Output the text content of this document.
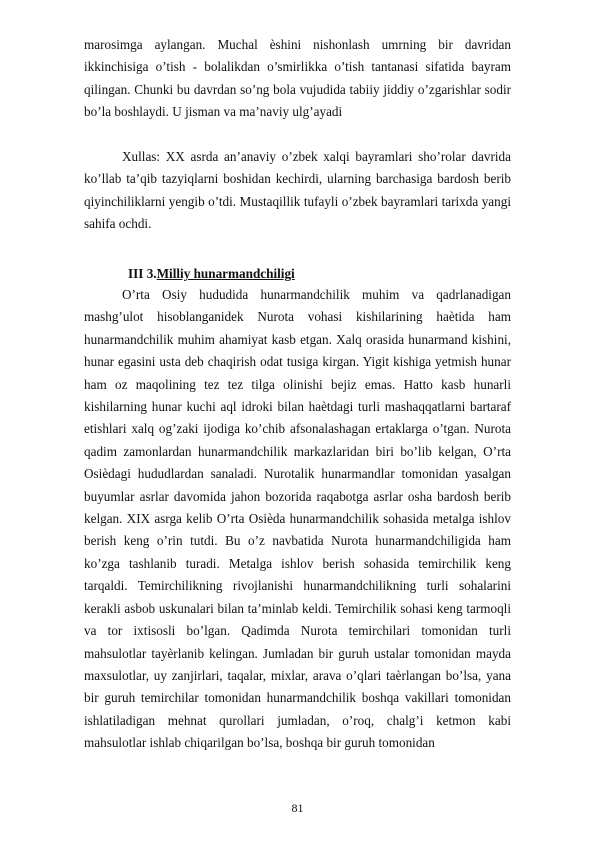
marosimga aylangan. Muchal èshini nishonlash umrning bir davridan ikkinchisiga o’tish - bolalikdan o’smirlikka o’tish tantanasi sifatida bayram qilingan. Chunki bu davrdan so’ng bola vujudida tabiiy jiddiy o’zgarishlar sodir bo’la boshlaydi. U jisman va ma’naviy ulg’ayadi

Xullas: XX asrda an’anaviy o’zbek xalqi bayramlari sho’rolar davrida ko’llab ta’qib tazyiqlarni boshidan kechirdi, ularning barchasiga bardosh berib qiyinchiliklarni yengib o’tdi. Mustaqillik tufayli o’zbek bayramlari tarixda yangi sahifa ochdi.

III 3.Milliy hunarmandchiligi

O’rta Osiy hududida hunarmandchilik muhim va qadrlanadigan mashg’ulot hisoblanganidek Nurota vohasi kishilarining haètida ham hunarmandchilik muhim ahamiyat kasb etgan. Xalq orasida hunarmand kishini, hunar egasini usta deb chaqirish odat tusiga kirgan. Yigit kishiga yetmish hunar ham oz maqolining tez tez tilga olinishi bejiz emas. Hatto kasb hunarli kishilarning hunar kuchi aql idroki bilan haètdagi turli mashaqqatlarni bartaraf etishlari xalq og’zaki ijodiga ko’chib afsonalashagan ertaklarga o’tgan. Nurota qadim zamonlardan hunarmandchilik markazlaridan biri bo’lib kelgan, O’rta Osièdagi hududlardan sanaladi. Nurotalik hunarmandlar tomonidan yasalgan buyumlar asrlar davomida jahon bozorida raqabotga asrlar osha bardosh berib kelgan. XIX asrga kelib O’rta Osièda hunarmandchilik sohasida metalga ishlov berish keng o’rin tutdi. Bu o’z navbatida Nurota hunarmandchiligida ham ko’zga tashlanib turadi. Metalga ishlov berish sohasida temirchilik keng tarqaldi. Temirchilikning rivojlanishi hunarmandchilikning turli sohalarini kerakli asbob uskunalari bilan ta’minlab keldi. Temirchilik sohasi keng tarmoqli va tor ixtisosli bo’lgan. Qadimda Nurota temirchilari tomonidan turli mahsulotlar tayèrlanib kelingan. Jumladan bir guruh ustalar tomonidan mayda maxsulotlar, uy zanjirlari, taqalar, mixlar, arava o’qlari taèrlangan bo’lsa, yana bir guruh temirchilar tomonidan hunarmandchilik boshqa vakillari tomonidan ishlatiladigan mehnat qurollari jumladan, o’roq, chalg’i ketmon kabi mahsulotlar ishlab chiqarilgan bo’lsa, boshqa bir guruh tomonidan

81
